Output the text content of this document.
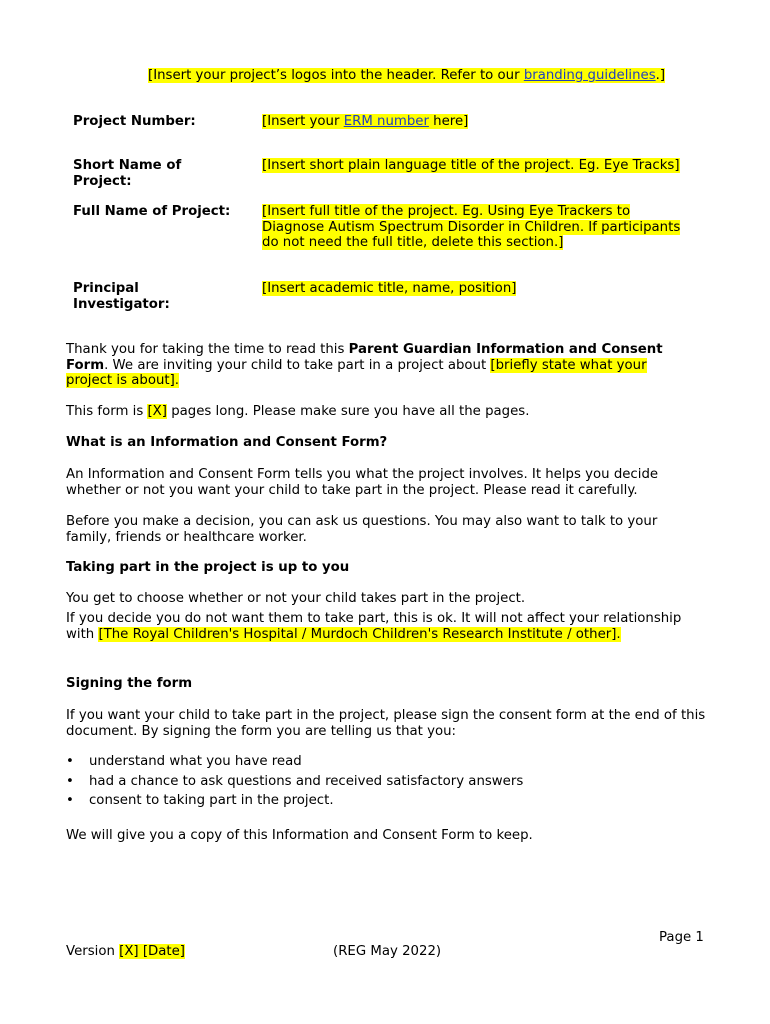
[Insert your project’s logos into the header. Refer to our branding guidelines.]
Project Number:	[Insert your ERM number here]
Short Name of Project:
[Insert short plain language title of the project. Eg. Eye Tracks]
Full Name of Project:	[Insert full title of the project. Eg. Using Eye Trackers to Diagnose Autism Spectrum Disorder in Children. If participants do not need the full title, delete this section.]
Principal Investigator:
[Insert academic title, name, position]
Thank you for taking the time to read this Parent Guardian Information and Consent Form. We are inviting your child to take part in a project about [briefly state what your project is about].
This form is [X] pages long. Please make sure you have all the pages.
What is an Information and Consent Form?
An Information and Consent Form tells you what the project involves. It helps you decide whether or not you want your child to take part in the project. Please read it carefully.
Before you make a decision, you can ask us questions. You may also want to talk to your family, friends or healthcare worker.
Taking part in the project is up to you
You get to choose whether or not your child takes part in the project.
If you decide you do not want them to take part, this is ok. It will not affect your relationship with [The Royal Children's Hospital / Murdoch Children's Research Institute / other].
Signing the form
If you want your child to take part in the project, please sign the consent form at the end of this document. By signing the form you are telling us that you:
• understand what you have read
• had a chance to ask questions and received satisfactory answers
• consent to taking part in the project.
We will give you a copy of this Information and Consent Form to keep.
Page 1
Version [X] [Date]	(REG May 2022)
